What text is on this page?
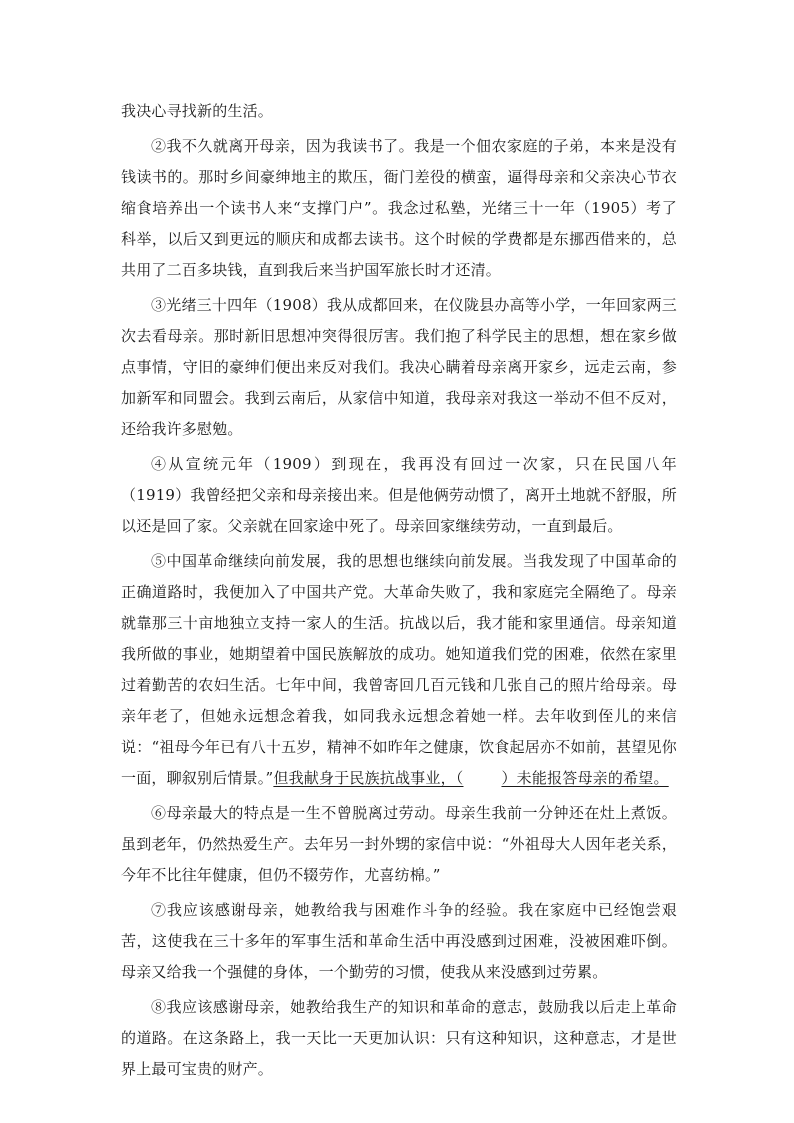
我决心寻找新的生活。

②我不久就离开母亲，因为我读书了。我是一个佃农家庭的子弟，本来是没有钱读书的。那时乡间豪绅地主的欺压，衙门差役的横蛮，逼得母亲和父亲决心节衣缩食培养出一个读书人来“支撑门户”。我念过私塾，光绪三十一年（1905）考了科举，以后又到更远的顺庆和成都去读书。这个时候的学费都是东挪西借来的，总共用了二百多块钱，直到我后来当护国军旅长时才还清。

③光绪三十四年（1908）我从成都回来，在仪陇县办高等小学，一年回家两三次去看母亲。那时新旧思想冲突得很厉害。我们抱了科学民主的思想，想在家乡做点事情，守旧的豪绅们便出来反对我们。我决心瞒着母亲离开家乡，远走云南，参加新军和同盟会。我到云南后，从家信中知道，我母亲对我这一举动不但不反对，还给我许多慰勉。

④从宣统元年（1909）到现在，我再没有回过一次家，只在民国八年（1919）我曾经把父亲和母亲接出来。但是他俩劳动惯了，离开土地就不舒服，所以还是回了家。父亲就在回家途中死了。母亲回家继续劳动，一直到最后。

⑤中国革命继续向前发展，我的思想也继续向前发展。当我发现了中国革命的正确道路时，我便加入了中国共产党。大革命失败了，我和家庭完全隔绝了。母亲就靠那三十亩地独立支持一家人的生活。抗战以后，我才能和家里通信。母亲知道我所做的事业，她期望着中国民族解放的成功。她知道我们党的困难，依然在家里过着勤苦的农妇生活。七年中间，我曾寄回几百元钱和几张自己的照片给母亲。母亲年老了，但她永远想念着我，如同我永远想念着她一样。去年收到侄儿的来信说：“祖母今年已有八十五岁，精神不如昨年之健康，饮食起居亦不如前，甚望见你一面，聊叙别后情景。”但我献身于民族抗战事业，（	）未能报答母亲的希望。

⑥母亲最大的特点是一生不曾脱离过劳动。母亲生我前一分钟还在灶上煮饭。虽到老年，仍然热爱生产。去年另一封外甥的家信中说：“外祖母大人因年老关系，今年不比往年健康，但仍不辍劳作，尤喜纺棉。”

⑦我应该感谢母亲，她教给我与困难作斗争的经验。我在家庭中已经饱尝艰苦，这使我在三十多年的军事生活和革命生活中再没感到过困难，没被困难吓倒。母亲又给我一个强健的身体，一个勤劳的习惯，使我从来没感到过劳累。

⑧我应该感谢母亲，她教给我生产的知识和革命的意志，鼓励我以后走上革命的道路。在这条路上，我一天比一天更加认识：只有这种知识，这种意志，才是世界上最可宝贵的财产。
